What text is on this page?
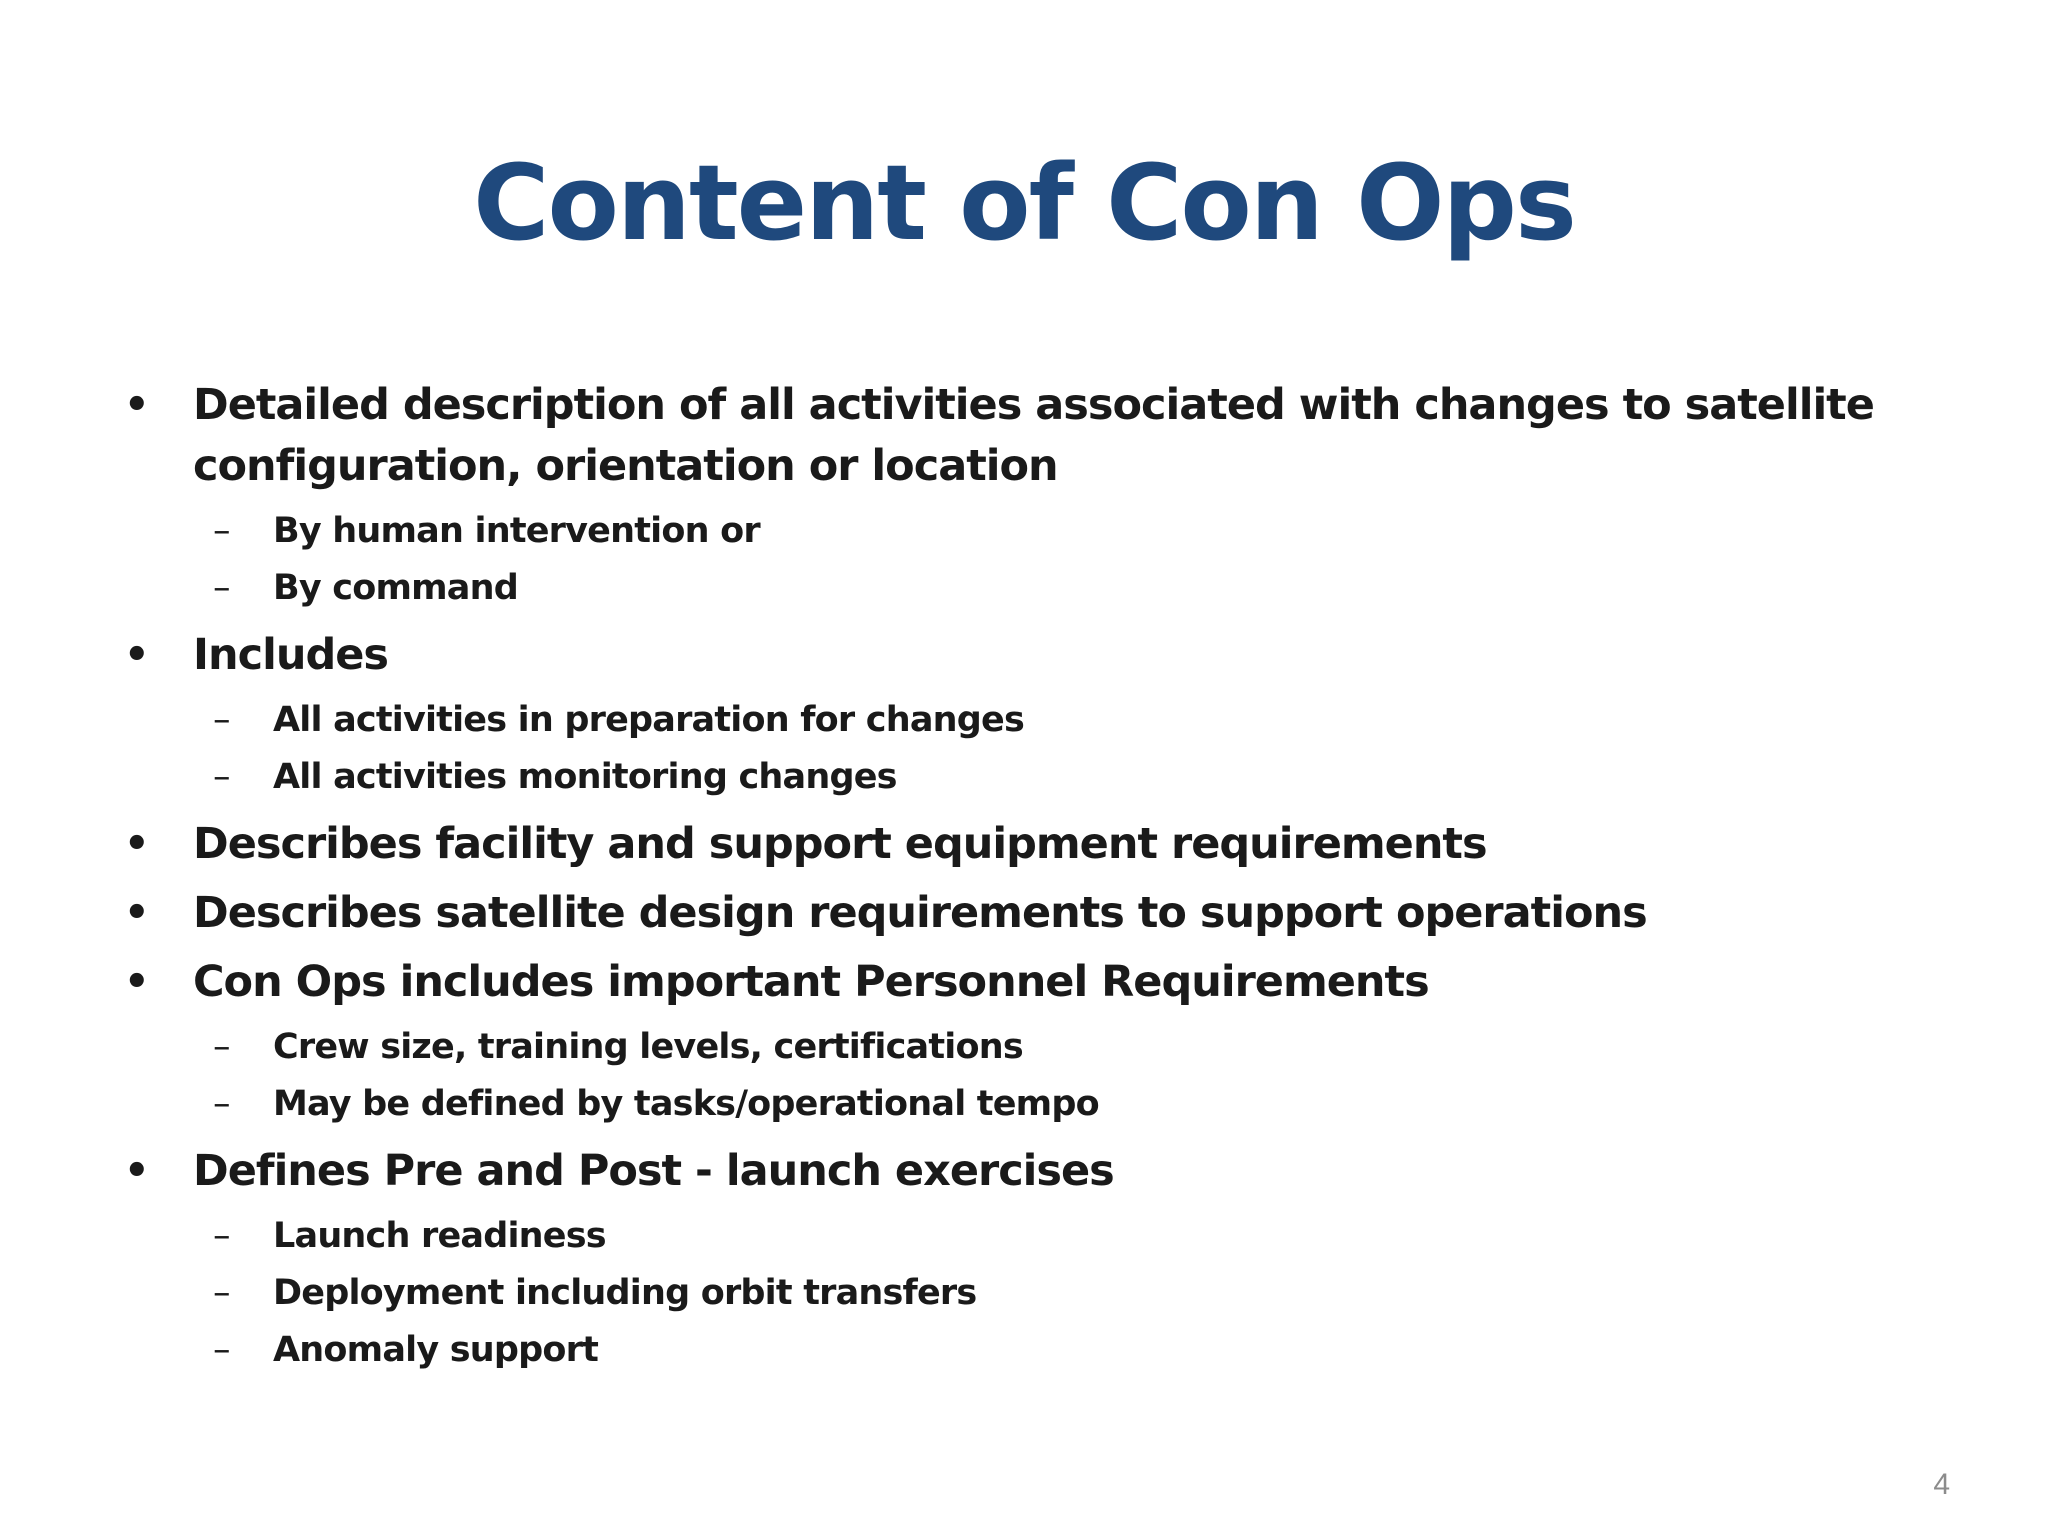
Content of Con Ops
• Detailed description of all activities associated with changes to satellite configuration, orientation or location
– By human intervention or
– By command
• Includes
– All activities in preparation for changes
– All activities monitoring changes
• Describes facility and support equipment requirements
• Describes satellite design requirements to support operations
• Con Ops includes important Personnel Requirements
– Crew size, training levels, certifications
– May be defined by tasks/operational tempo
• Defines Pre and Post - launch exercises
– Launch readiness
– Deployment including orbit transfers
– Anomaly support
4
